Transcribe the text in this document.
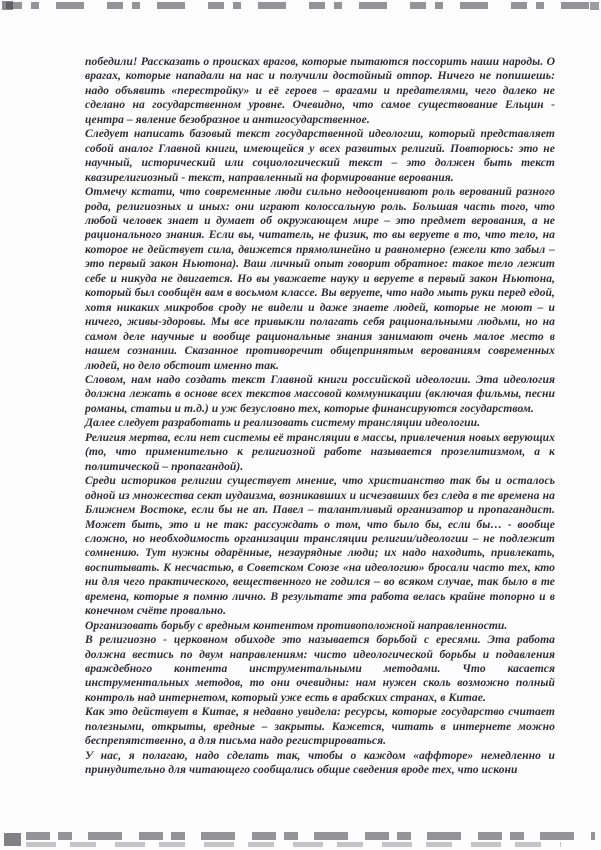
победили! Рассказать о происках врагов, которые пытаются поссорить наши народы. О врагах, которые нападали на нас и получили достойный отпор. Ничего не попишешь: надо объявить «перестройку» и её героев – врагами и предателями, чего далеко не сделано на государственном уровне. Очевидно, что самое существование Ельцин - центра – явление безобразное и антигосударственное.

Следует написать базовый текст государственной идеологии, который представляет собой аналог Главной книги, имеющейся у всех развитых религий. Повторюсь: это не научный, исторический или социологический текст – это должен быть текст квазирелигиозный - текст, направленный на формирование верования.

Отмечу кстати, что современные люди сильно недооценивают роль верований разного рода, религиозных и иных: они играют колоссальную роль. Большая часть того, что любой человек знает и думает об окружающем мире – это предмет верования, а не рационального знания. Если вы, читатель, не физик, то вы веруете в то, что тело, на которое не действует сила, движется прямолинейно и равномерно (ежели кто забыл – это первый закон Ньютона). Ваш личный опыт говорит обратное: такое тело лежит себе и никуда не двигается. Но вы уважаете науку и веруете в первый закон Ньютона, который был сообщён вам в восьмом классе. Вы веруете, что надо мыть руки перед едой, хотя никаких микробов сроду не видели и даже знаете людей, которые не моют – и ничего, живы-здоровы. Мы все привыкли полагать себя рациональными людьми, но на самом деле научные и вообще рациональные знания занимают очень малое место в нашем сознании. Сказанное противоречит общепринятым верованиям современных людей, но дело обстоит именно так.

Словом, нам надо создать текст Главной книги российской идеологии. Эта идеология должна лежать в основе всех текстов массовой коммуникации (включая фильмы, песни романы, статьи и т.д.) и уж безусловно тех, которые финансируются государством.

Далее следует разработать и реализовать систему трансляции идеологии.

Религия мертва, если нет системы её трансляции в массы, привлечения новых верующих (то, что применительно к религиозной работе называется прозелитизмом, а к политической – пропагандой).

Среди историков религии существует мнение, что христианство так бы и осталось одной из множества сект иудаизма, возникавших и исчезавших без следа в те времена на Ближнем Востоке, если бы не ап. Павел – талантливый организатор и пропагандист. Может быть, это и не так: рассуждать о том, что было бы, если бы… - вообще сложно, но необходимость организации трансляции религии/идеологии – не подлежит сомнению. Тут нужны одарённые, незаурядные люди; их надо находить, привлекать, воспитывать. К несчастью, в Советском Союзе «на идеологию» бросали часто тех, кто ни для чего практического, вещественного не годился – во всяком случае, так было в те времена, которые я помню лично. В результате эта работа велась крайне топорно и в конечном счёте провально.

Организовать борьбу с вредным контентом противоположной направленности.

В религиозно - церковном обиходе это называется борьбой с ересями. Эта работа должна вестись по двум направлениям: чисто идеологической борьбы и подавления враждебного контента инструментальными методами. Что касается инструментальных методов, то они очевидны: нам нужен сколь возможно полный контроль над интернетом, который уже есть в арабских странах, в Китае.

Как это действует в Китае, я недавно увидела: ресурсы, которые государство считает полезными, открыты, вредные – закрыты. Кажется, читать в интернете можно беспрепятственно, а для письма надо регистрироваться.

У нас, я полагаю, надо сделать так, чтобы о каждом «аффторе» немедленно и принудительно для читающего сообщались общие сведения вроде тех, что искони
